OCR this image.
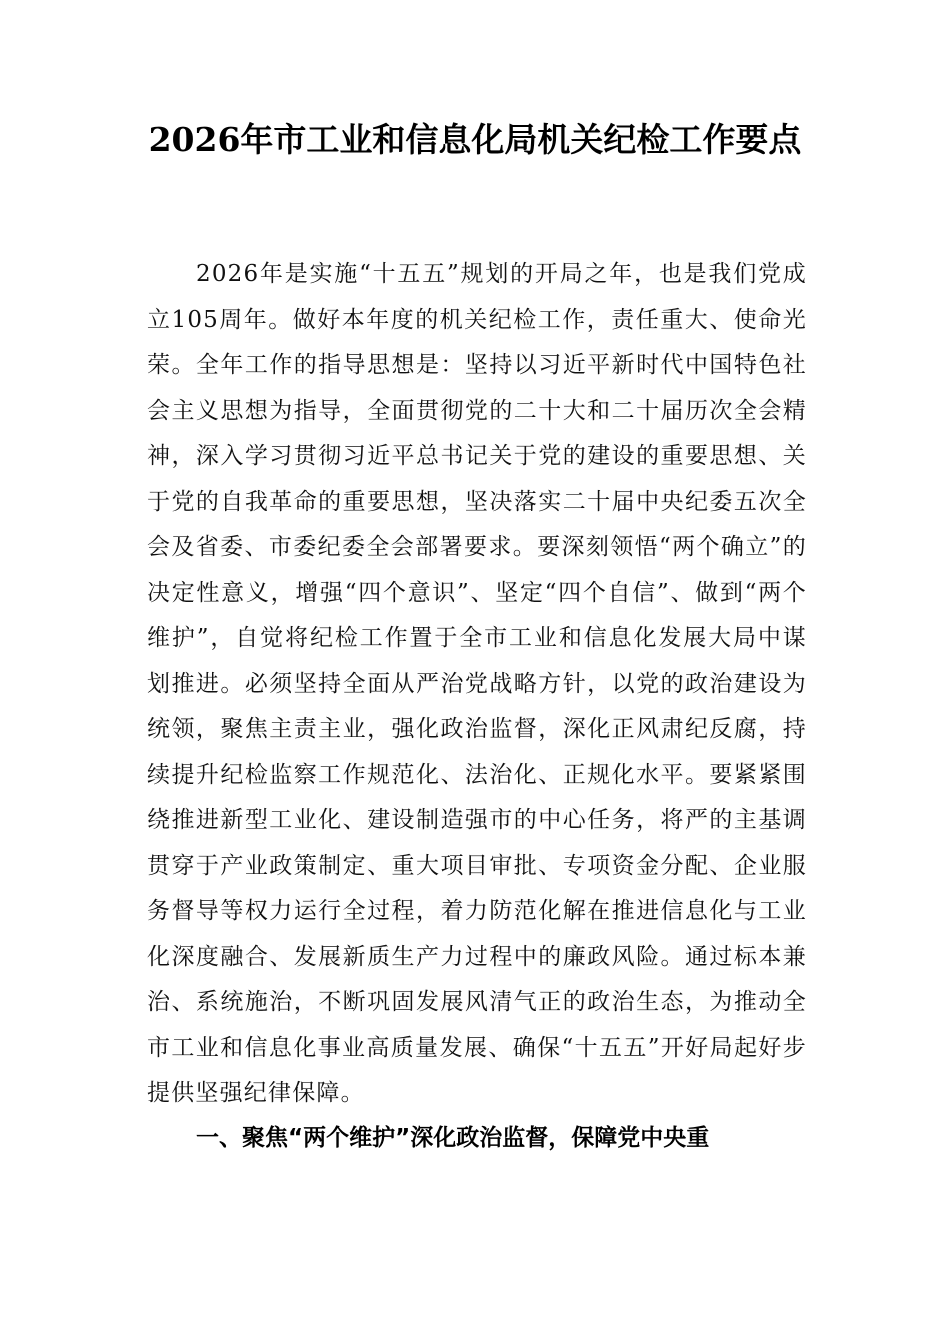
2026年市工业和信息化局机关纪检工作要点

2026年是实施“十五五”规划的开局之年，也是我们党成立105周年。做好本年度的机关纪检工作，责任重大、使命光荣。全年工作的指导思想是：坚持以习近平新时代中国特色社会主义思想为指导，全面贯彻党的二十大和二十届历次全会精神，深入学习贯彻习近平总书记关于党的建设的重要思想、关于党的自我革命的重要思想，坚决落实二十届中央纪委五次全会及省委、市委纪委全会部署要求。要深刻领悟“两个确立”的决定性意义，增强“四个意识”、坚定“四个自信”、做到“两个维护”，自觉将纪检工作置于全市工业和信息化发展大局中谋划推进。必须坚持全面从严治党战略方针，以党的政治建设为统领，聚焦主责主业，强化政治监督，深化正风肃纪反腐，持续提升纪检监察工作规范化、法治化、正规化水平。要紧紧围绕推进新型工业化、建设制造强市的中心任务，将严的主基调贯穿于产业政策制定、重大项目审批、专项资金分配、企业服务督导等权力运行全过程，着力防范化解在推进信息化与工业化深度融合、发展新质生产力过程中的廉政风险。通过标本兼治、系统施治，不断巩固发展风清气正的政治生态，为推动全市工业和信息化事业高质量发展、确保“十五五”开好局起好步提供坚强纪律保障。

一、聚焦“两个维护”深化政治监督，保障党中央重
